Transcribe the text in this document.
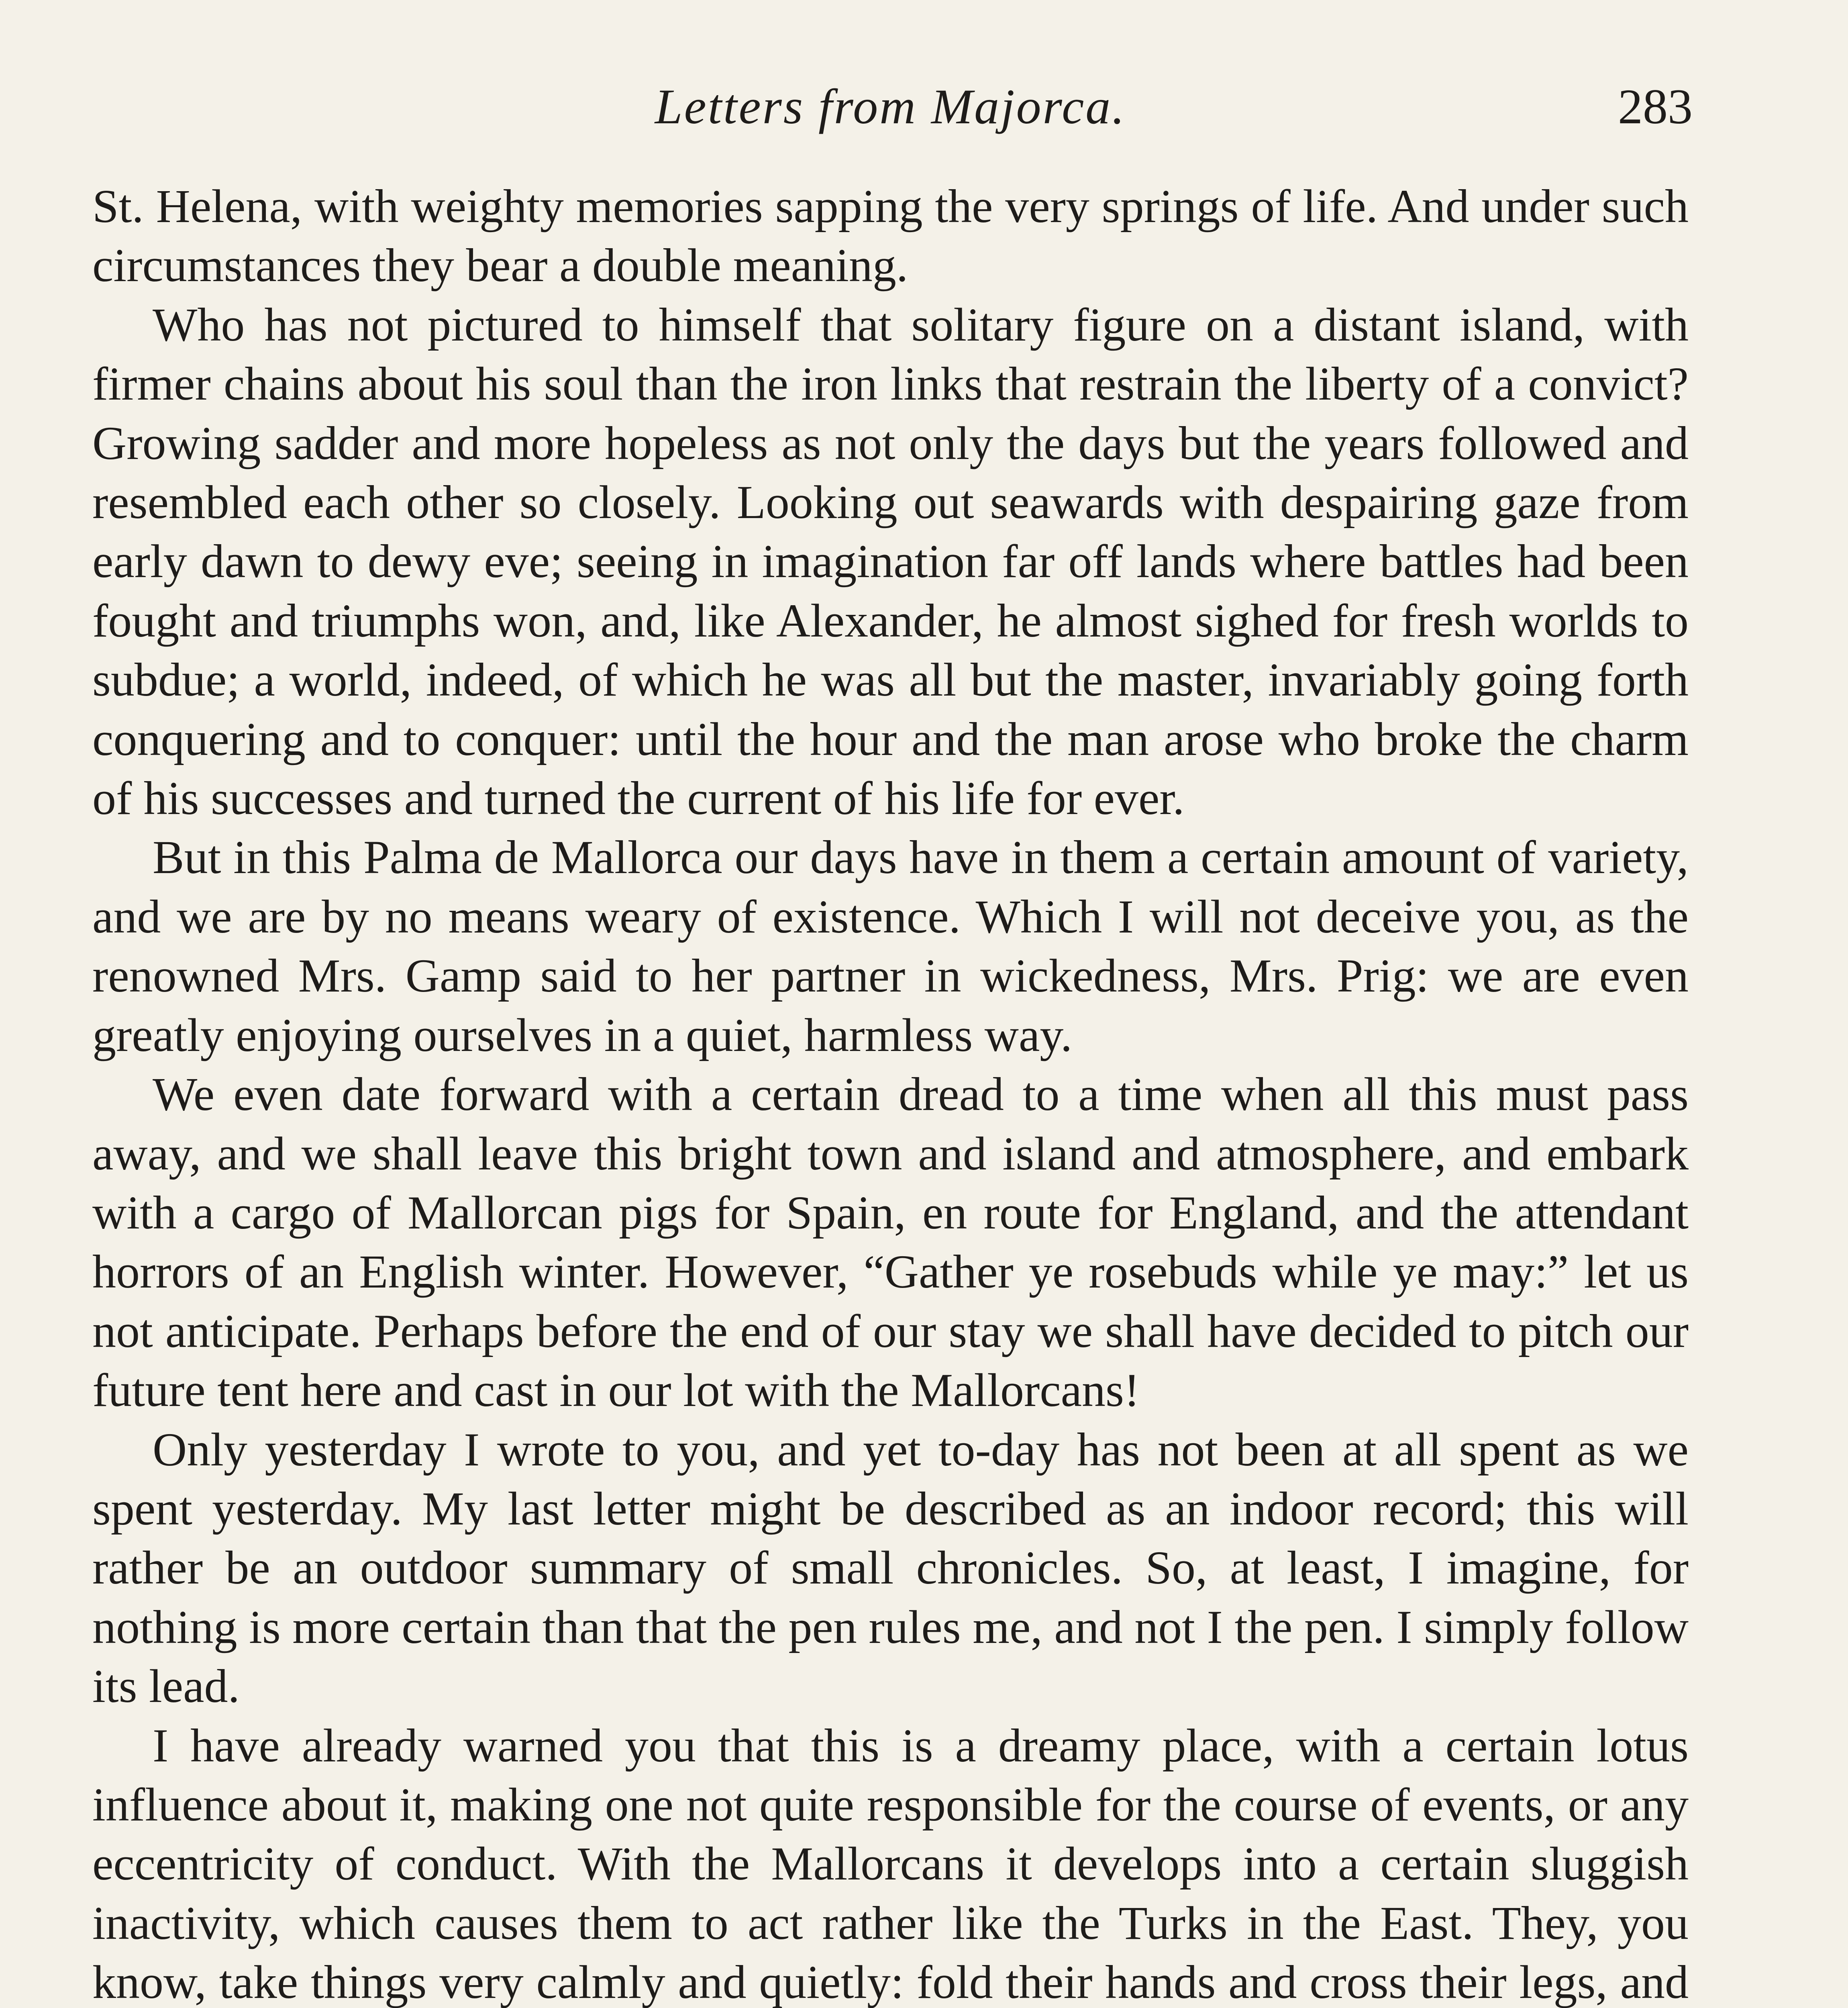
Letters from Majorca.	283

St. Helena, with weighty memories sapping the very springs of life. And under such circumstances they bear a double meaning.

Who has not pictured to himself that solitary figure on a distant island, with firmer chains about his soul than the iron links that restrain the liberty of a convict? Growing sadder and more hopeless as not only the days but the years followed and resembled each other so closely. Looking out seawards with despairing gaze from early dawn to dewy eve; seeing in imagination far off lands where battles had been fought and triumphs won, and, like Alexander, he almost sighed for fresh worlds to subdue; a world, indeed, of which he was all but the master, invariably going forth conquering and to conquer: until the hour and the man arose who broke the charm of his successes and turned the current of his life for ever.

But in this Palma de Mallorca our days have in them a certain amount of variety, and we are by no means weary of existence. Which I will not deceive you, as the renowned Mrs. Gamp said to her partner in wickedness, Mrs. Prig: we are even greatly enjoying ourselves in a quiet, harmless way.

We even date forward with a certain dread to a time when all this must pass away, and we shall leave this bright town and island and atmosphere, and embark with a cargo of Mallorcan pigs for Spain, en route for England, and the attendant horrors of an English winter. However, “Gather ye rosebuds while ye may:” let us not anticipate. Perhaps before the end of our stay we shall have decided to pitch our future tent here and cast in our lot with the Mallorcans!

Only yesterday I wrote to you, and yet to-day has not been at all spent as we spent yesterday. My last letter might be described as an indoor record; this will rather be an outdoor summary of small chronicles. So, at least, I imagine, for nothing is more certain than that the pen rules me, and not I the pen. I simply follow its lead.

I have already warned you that this is a dreamy place, with a certain lotus influence about it, making one not quite responsible for the course of events, or any eccentricity of conduct. With the Mallorcans it develops into a certain sluggish inactivity, which causes them to act rather like the Turks in the East. They, you know, take things very calmly and quietly: fold their hands and cross their legs, and
